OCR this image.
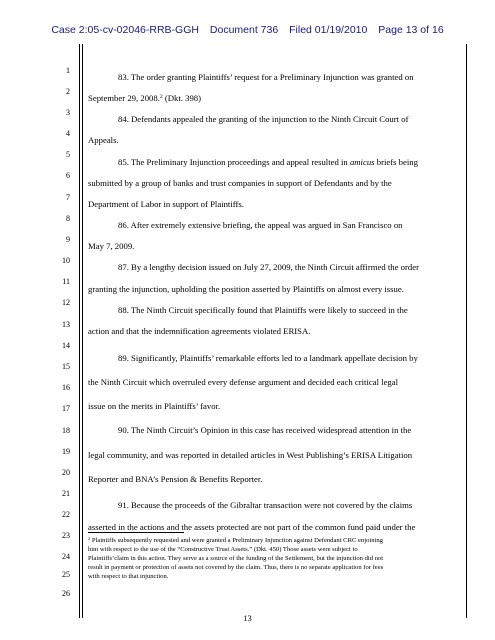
Case 2:05-cv-02046-RRB-GGH Document 736 Filed 01/19/2010 Page 13 of 16
1
2
3
4
5
6
7
8
9
10
11
12
13
14
15
16
17
18
19
20
21
22
23
24
25
26
83. The order granting Plaintiffs’ request for a Preliminary Injunction was granted on
September 29, 2008.$^2$ (Dkt. 398)
84. Defendants appealed the granting of the injunction to the Ninth Circuit Court of
Appeals.
85. The Preliminary Injunction proceedings and appeal resulted in amicus briefs being
submitted by a group of banks and trust companies in support of Defendants and by the
Department of Labor in support of Plaintiffs.
86. After extremely extensive briefing, the appeal was argued in San Francisco on
May 7, 2009.
87. By a lengthy decision issued on July 27, 2009, the Ninth Circuit affirmed the order
granting the injunction, upholding the position asserted by Plaintiffs on almost every issue.
88. The Ninth Circuit specifically found that Plaintiffs were likely to succeed in the
action and that the indemnification agreements violated ERISA.
89. Significantly, Plaintiffs’ remarkable efforts led to a landmark appellate decision by
the Ninth Circuit which overruled every defense argument and decided each critical legal
issue on the merits in Plaintiffs’ favor.
90. The Ninth Circuit’s Opinion in this case has received widespread attention in the
legal community, and was reported in detailed articles in West Publishing’s ERISA Litigation
Reporter and BNA’s Pension & Benefits Reporter.
91. Because the proceeds of the Gibraltar transaction were not covered by the claims
asserted in the actions and the assets protected are not part of the common fund paid under the
$^2$ Plaintiffs subsequently requested and were granted a Preliminary Injunction against Defendant CRC enjoining
him with respect to the use of the “Constructive Trust Assets.” (Dkt. 450) Those assets were subject to
Plaintiffs’claim in this action. They serve as a source of the funding of the Settlement, but the injunction did not
result in payment or protection of assets not covered by the claim. Thus, there is no separate application for fees
with respect to that injunction.
13
